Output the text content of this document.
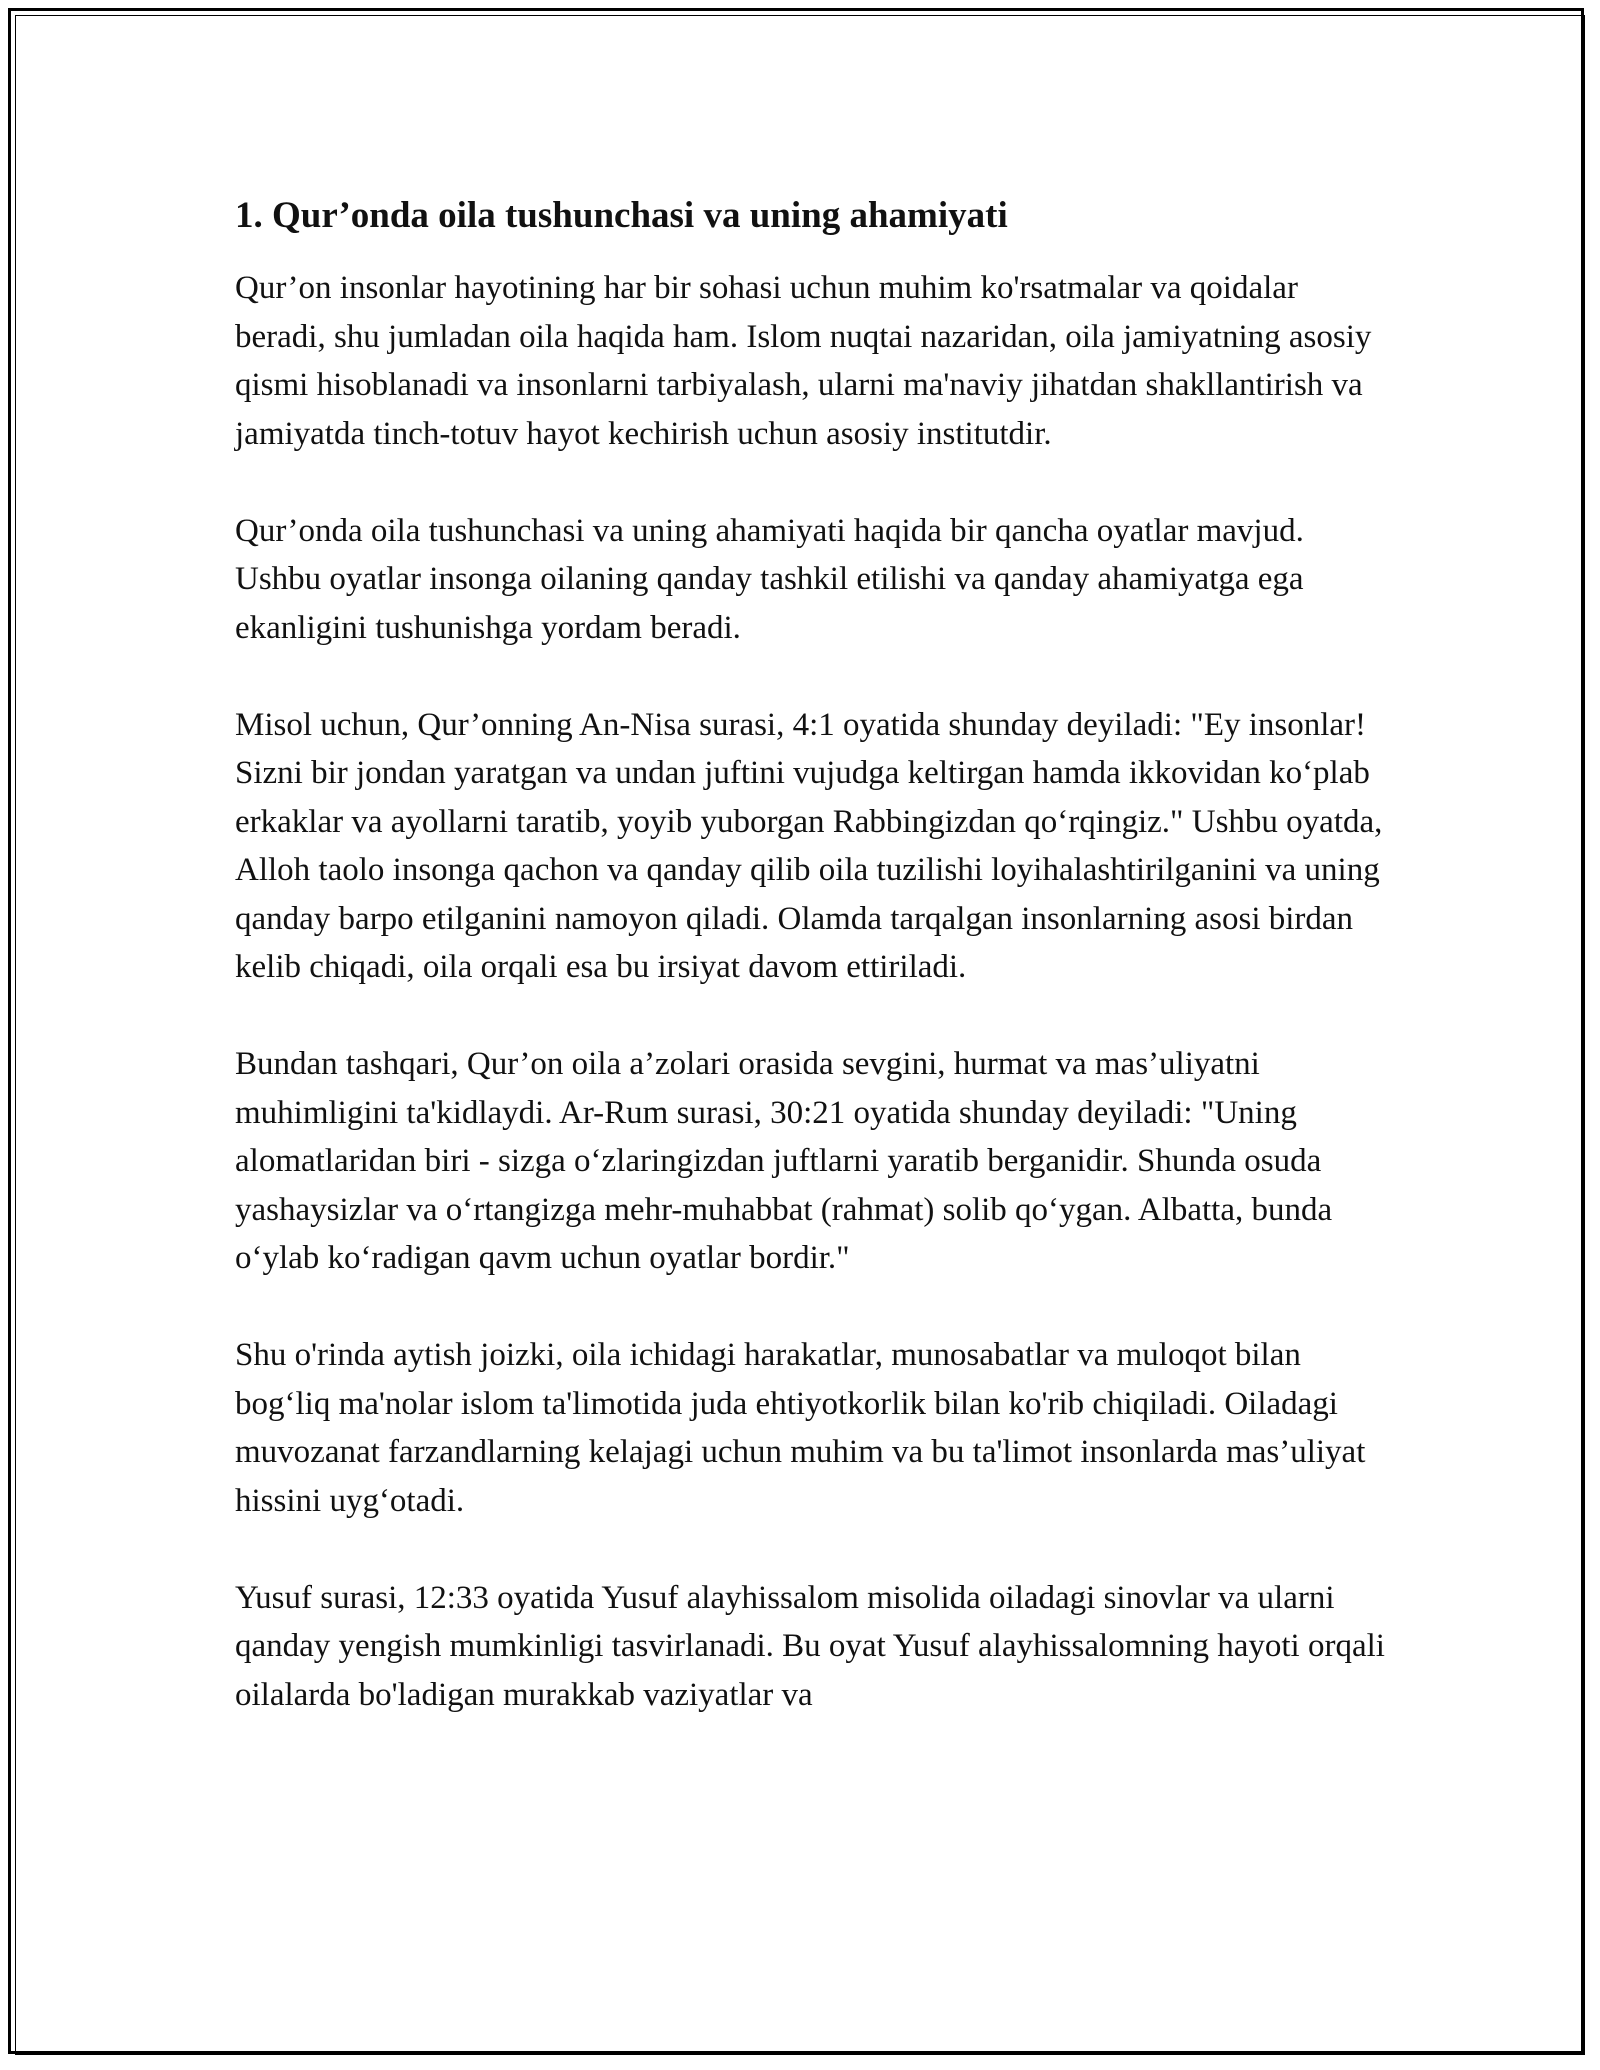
1. Qur’onda oila tushunchasi va uning ahamiyati

Qur’on insonlar hayotining har bir sohasi uchun muhim ko'rsatmalar va qoidalar beradi, shu jumladan oila haqida ham. Islom nuqtai nazaridan, oila jamiyatning asosiy qismi hisoblanadi va insonlarni tarbiyalash, ularni ma'naviy jihatdan shakllantirish va jamiyatda tinch-totuv hayot kechirish uchun asosiy institutdir.

Qur’onda oila tushunchasi va uning ahamiyati haqida bir qancha oyatlar mavjud. Ushbu oyatlar insonga oilaning qanday tashkil etilishi va qanday ahamiyatga ega ekanligini tushunishga yordam beradi.

Misol uchun, Qur’onning An-Nisa surasi, 4:1 oyatida shunday deyiladi: "Ey insonlar! Sizni bir jondan yaratgan va undan juftini vujudga keltirgan hamda ikkovidan ko‘plab erkaklar va ayollarni taratib, yoyib yuborgan Rabbingizdan qo‘rqingiz." Ushbu oyatda, Alloh taolo insonga qachon va qanday qilib oila tuzilishi loyihalashtirilganini va uning qanday barpo etilganini namoyon qiladi. Olamda tarqalgan insonlarning asosi birdan kelib chiqadi, oila orqali esa bu irsiyat davom ettiriladi.

Bundan tashqari, Qur’on oila a’zolari orasida sevgini, hurmat va mas’uliyatni muhimligini ta'kidlaydi. Ar-Rum surasi, 30:21 oyatida shunday deyiladi: "Uning alomatlaridan biri - sizga o‘zlaringizdan juftlarni yaratib berganidir. Shunda osuda yashaysizlar va o‘rtangizga mehr-muhabbat (rahmat) solib qo‘ygan. Albatta, bunda o‘ylab ko‘radigan qavm uchun oyatlar bordir."

Shu o'rinda aytish joizki, oila ichidagi harakatlar, munosabatlar va muloqot bilan bog‘liq ma'nolar islom ta'limotida juda ehtiyotkorlik bilan ko'rib chiqiladi. Oiladagi muvozanat farzandlarning kelajagi uchun muhim va bu ta'limot insonlarda mas’uliyat hissini uyg‘otadi.

Yusuf surasi, 12:33 oyatida Yusuf alayhissalom misolida oiladagi sinovlar va ularni qanday yengish mumkinligi tasvirlanadi. Bu oyat Yusuf alayhissalomning hayoti orqali oilalarda bo'ladigan murakkab vaziyatlar va
